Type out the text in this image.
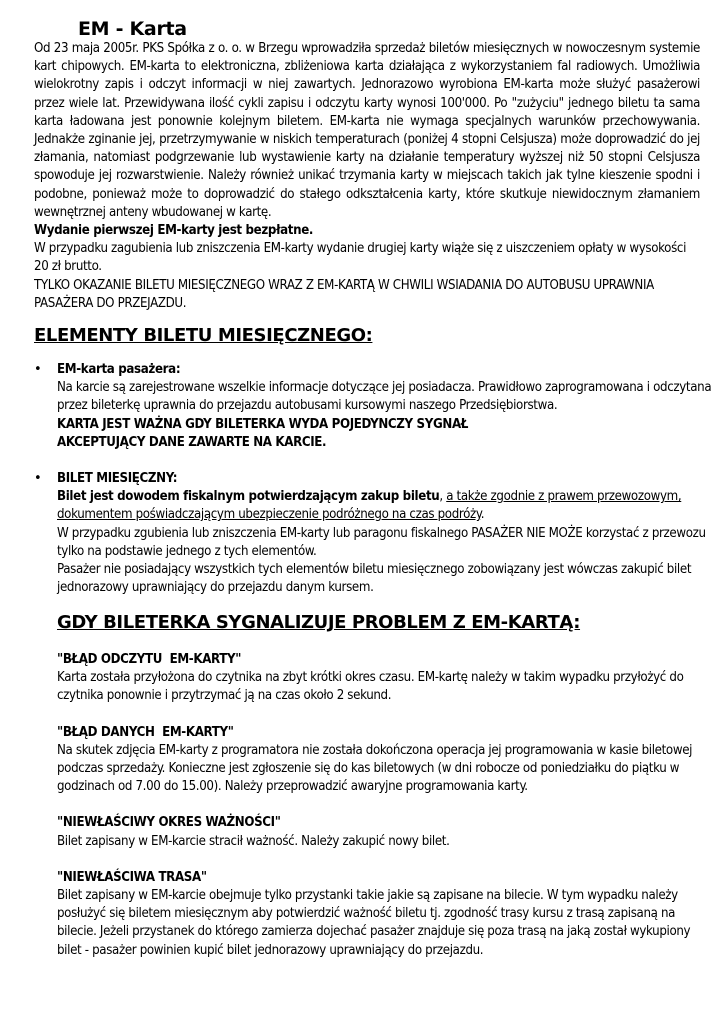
EM - Karta
Od 23 maja 2005r. PKS Spółka z o. o. w Brzegu wprowadziła sprzedaż biletów miesięcznych w nowoczesnym systemie kart chipowych. EM-karta to elektroniczna, zbliżeniowa karta działająca z wykorzystaniem fal radiowych. Umożliwia wielokrotny zapis i odczyt informacji w niej zawartych. Jednorazowo wyrobiona EM-karta może służyć pasażerowi przez wiele lat. Przewidywana ilość cykli zapisu i odczytu karty wynosi 100'000. Po "zużyciu" jednego biletu ta sama karta ładowana jest ponownie kolejnym biletem. EM-karta nie wymaga specjalnych warunków przechowywania. Jednakże zginanie jej, przetrzymywanie w niskich temperaturach (poniżej 4 stopni Celsjusza) może doprowadzić do jej złamania, natomiast podgrzewanie lub wystawienie karty na działanie temperatury wyższej niż 50 stopni Celsjusza spowoduje jej rozwarstwienie. Należy również unikać trzymania karty w miejscach takich jak tylne kieszenie spodni i podobne, ponieważ może to doprowadzić do stałego odkształcenia karty, które skutkuje niewidocznym złamaniem wewnętrznej anteny wbudowanej w kartę.
Wydanie pierwszej EM-karty jest bezpłatne.
W przypadku zagubienia lub zniszczenia EM-karty wydanie drugiej karty wiąże się z uiszczeniem opłaty w wysokości 20 zł brutto.
TYLKO OKAZANIE BILETU MIESIĘCZNEGO WRAZ Z EM-KARTĄ W CHWILI WSIADANIA DO AUTOBUSU UPRAWNIA PASAŻERA DO PRZEJAZDU.
ELEMENTY BILETU MIESIĘCZNEGO:
• EM-karta pasażera:
Na karcie są zarejestrowane wszelkie informacje dotyczące jej posiadacza. Prawidłowo zaprogramowana i odczytana przez bileterkę uprawnia do przejazdu autobusami kursowymi naszego Przedsiębiorstwa.
KARTA JEST WAŻNA GDY BILETERKA WYDA POJEDYNCZY SYGNAŁ AKCEPTUJĄCY DANE ZAWARTE NA KARCIE.
• BILET MIESIĘCZNY:
Bilet jest dowodem fiskalnym potwierdzającym zakup biletu, a także zgodnie z prawem przewozowym, dokumentem poświadczającym ubezpieczenie podróżnego na czas podróży.
W przypadku zgubienia lub zniszczenia EM-karty lub paragonu fiskalnego PASAŻER NIE MOŻE korzystać z przewozu tylko na podstawie jednego z tych elementów.
Pasażer nie posiadający wszystkich tych elementów biletu miesięcznego zobowiązany jest wówczas zakupić bilet jednorazowy uprawniający do przejazdu danym kursem.
GDY BILETERKA SYGNALIZUJE PROBLEM Z EM-KARTĄ:
"BŁĄD ODCZYTU  EM-KARTY"
Karta została przyłożona do czytnika na zbyt krótki okres czasu. EM-kartę należy w takim wypadku przyłożyć do czytnika ponownie i przytrzymać ją na czas około 2 sekund.
"BŁĄD DANYCH  EM-KARTY"
Na skutek zdjęcia EM-karty z programatora nie została dokończona operacja jej programowania w kasie biletowej podczas sprzedaży. Konieczne jest zgłoszenie się do kas biletowych (w dni robocze od poniedziałku do piątku w godzinach od 7.00 do 15.00). Należy przeprowadzić awaryjne programowania karty.
"NIEWŁAŚCIWY OKRES WAŻNOŚCI"
Bilet zapisany w EM-karcie stracił ważność. Należy zakupić nowy bilet.
"NIEWŁAŚCIWA TRASA"
Bilet zapisany w EM-karcie obejmuje tylko przystanki takie jakie są zapisane na bilecie. W tym wypadku należy posłużyć się biletem miesięcznym aby potwierdzić ważność biletu tj. zgodność trasy kursu z trasą zapisaną na bilecie. Jeżeli przystanek do którego zamierza dojechać pasażer znajduje się poza trasą na jaką został wykupiony bilet - pasażer powinien kupić bilet jednorazowy uprawniający do przejazdu.
